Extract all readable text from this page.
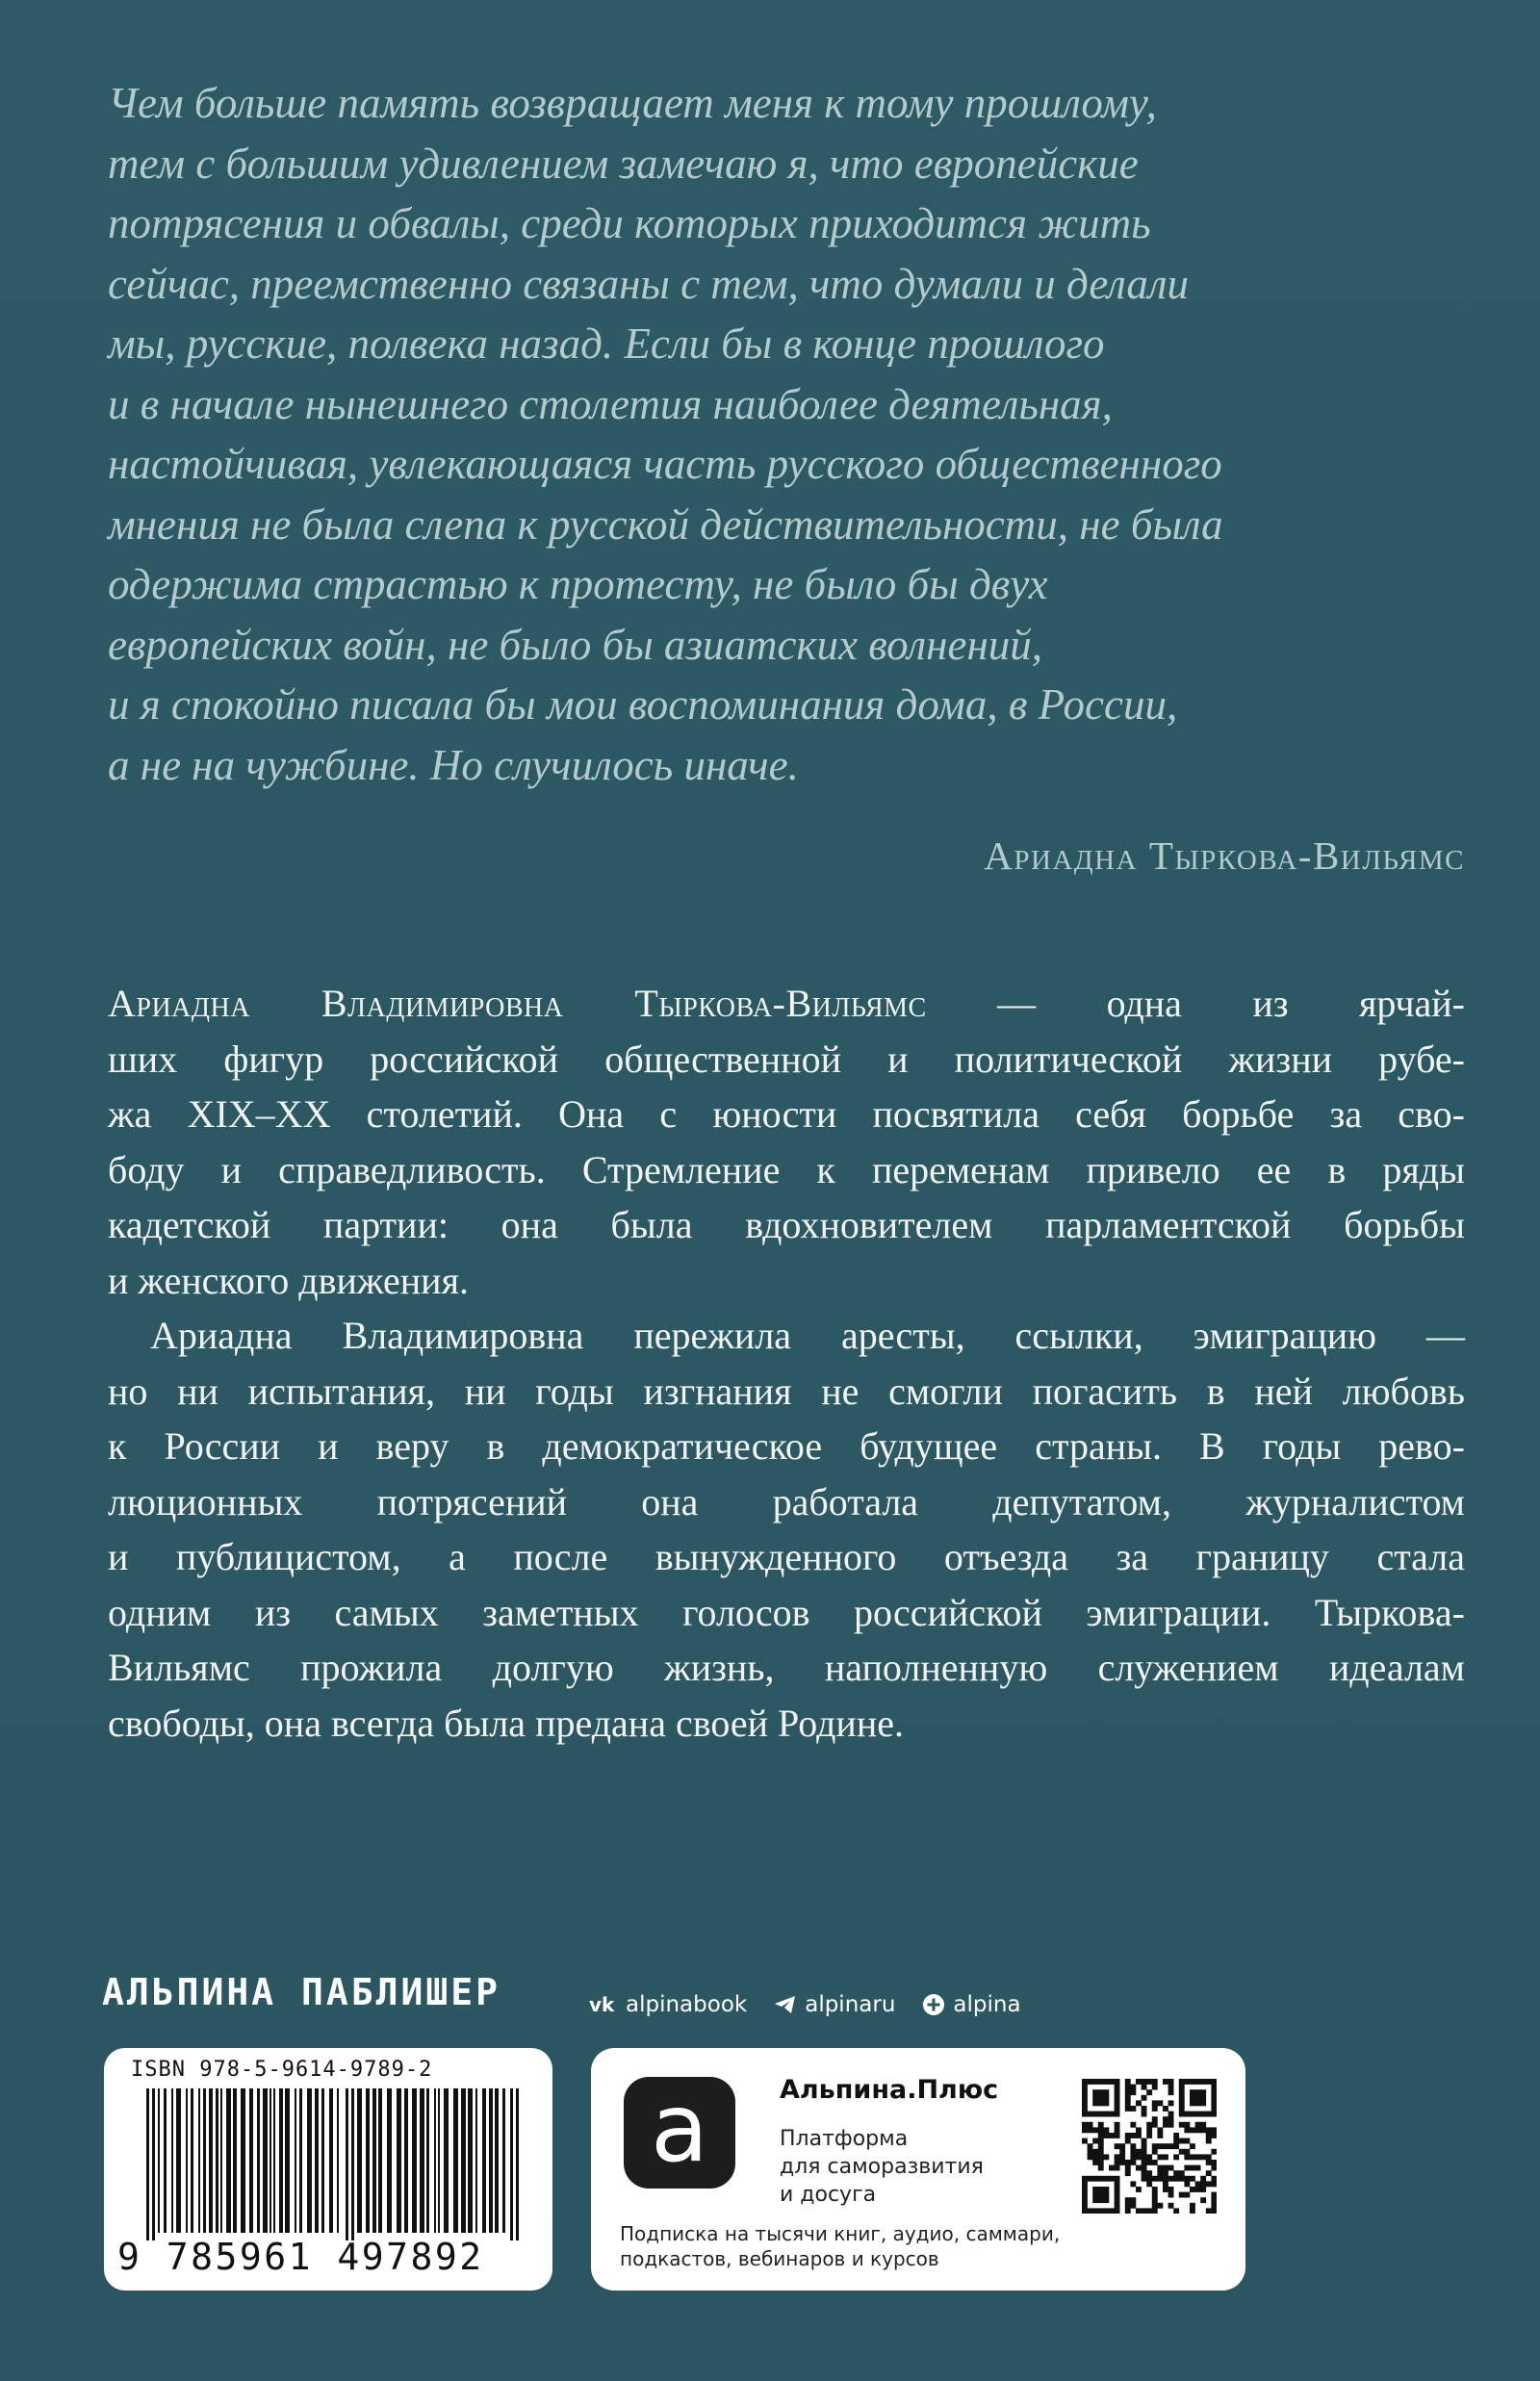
Чем больше память возвращает меня к тому прошлому,
тем с большим удивлением замечаю я, что европейские
потрясения и обвалы, среди которых приходится жить
сейчас, преемственно связаны с тем, что думали и делали
мы, русские, полвека назад. Если бы в конце прошлого
и в начале нынешнего столетия наиболее деятельная,
настойчивая, увлекающаяся часть русского общественного
мнения не была слепа к русской действительности, не была
одержима страстью к протесту, не было бы двух
европейских войн, не было бы азиатских волнений,
и я спокойно писала бы мои воспоминания дома, в России,
а не на чужбине. Но случилось иначе.
Ариадна Тыркова-Вильямс
Ариадна Владимировна Тыркова-Вильямс — одна из ярчай-
ших фигур российской общественной и политической жизни рубе-
жа XIX–XX столетий. Она с юности посвятила себя борьбе за сво-
боду и справедливость. Стремление к переменам привело ее в ряды
кадетской партии: она была вдохновителем парламентской борьбы
и женского движения.
Ариадна Владимировна пережила аресты, ссылки, эмиграцию —
но ни испытания, ни годы изгнания не смогли погасить в ней любовь
к России и веру в демократическое будущее страны. В годы рево-
люционных потрясений она работала депутатом, журналистом
и публицистом, а после вынужденного отъезда за границу стала
одним из самых заметных голосов российской эмиграции. Тыркова-
Вильямс прожила долгую жизнь, наполненную служением идеалам
свободы, она всегда была предана своей Родине.
АЛЬПИНА ПАБЛИШЕР	vk alpinabook	alpinaru	alpina
ISBN 978-5-9614-9789-2
9 785961 497892
a	Альпина.Плюс
Платформа
для саморазвития
и досуга
Подписка на тысячи книг, аудио, саммари,
подкастов, вебинаров и курсов
